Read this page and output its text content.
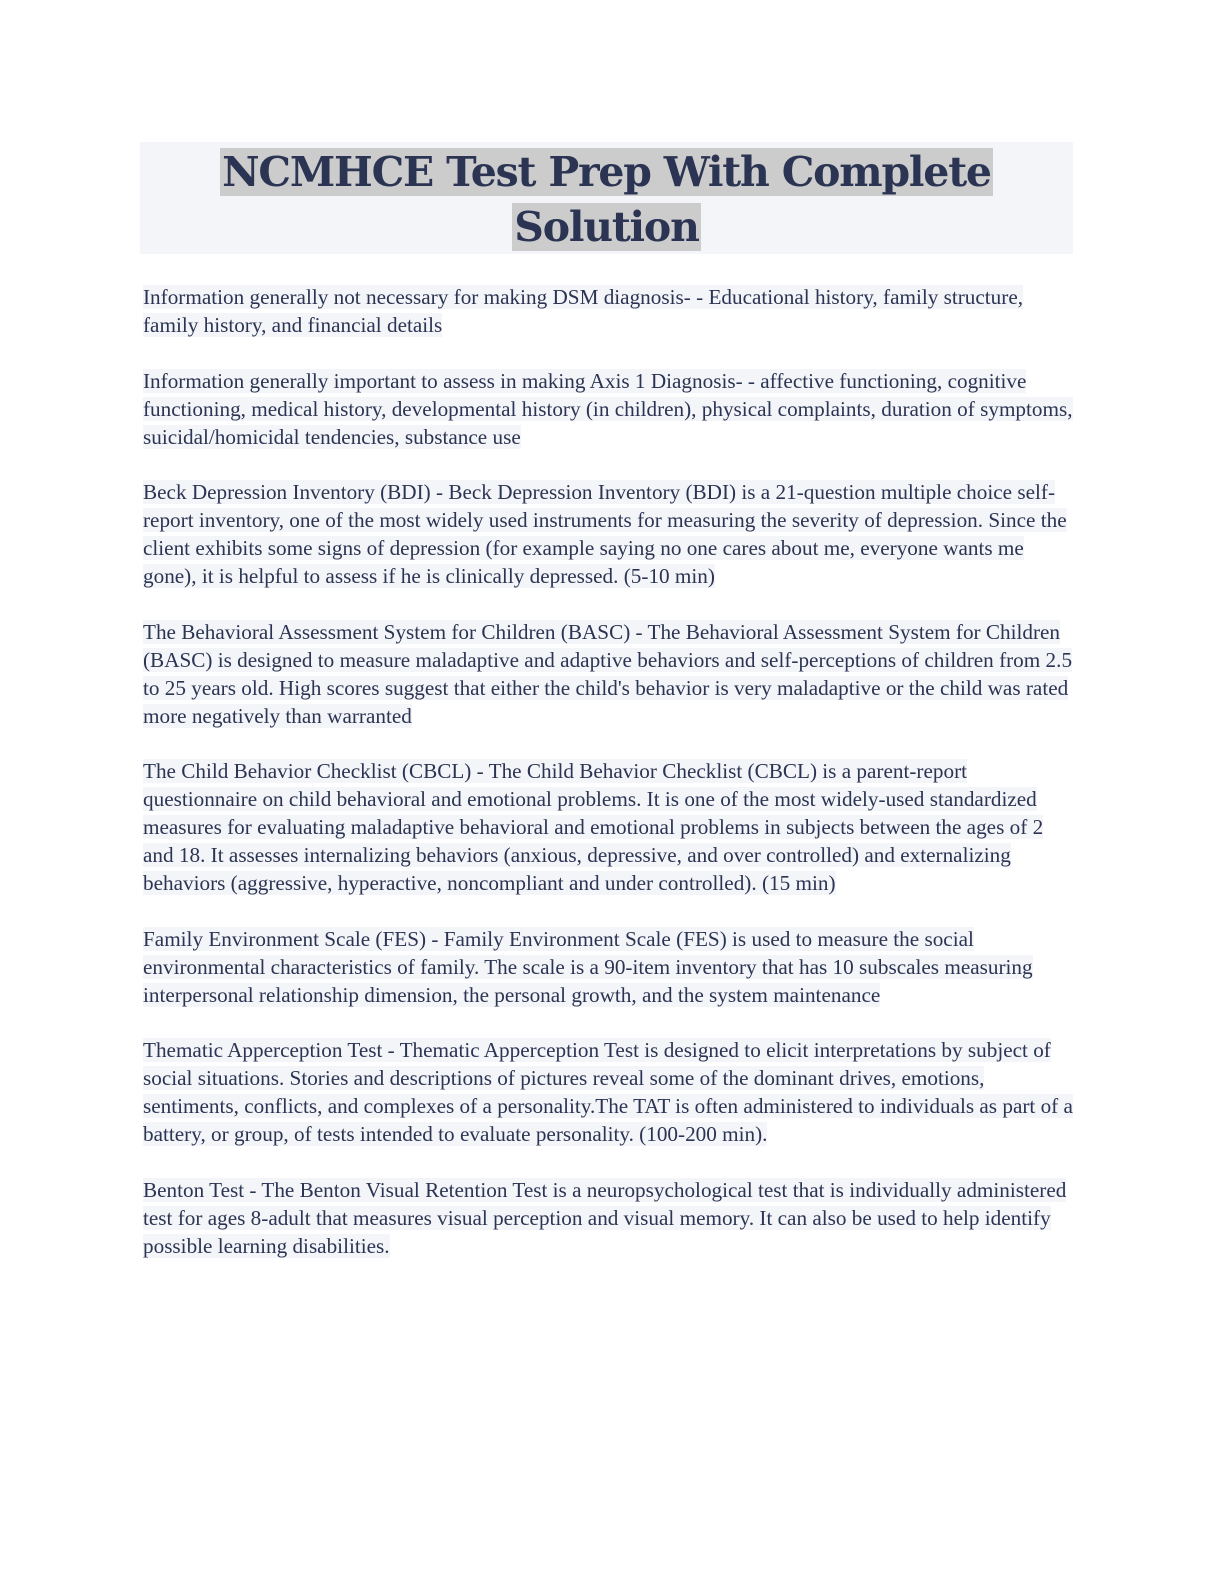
NCMHCE Test Prep With Complete
Solution

Information generally not necessary for making DSM diagnosis- - Educational history, family structure, family history, and financial details

Information generally important to assess in making Axis 1 Diagnosis- - affective functioning, cognitive functioning, medical history, developmental history (in children), physical complaints, duration of symptoms, suicidal/homicidal tendencies, substance use

Beck Depression Inventory (BDI) - Beck Depression Inventory (BDI) is a 21-question multiple choice self-report inventory, one of the most widely used instruments for measuring the severity of depression. Since the client exhibits some signs of depression (for example saying no one cares about me, everyone wants me gone), it is helpful to assess if he is clinically depressed. (5-10 min)

The Behavioral Assessment System for Children (BASC) - The Behavioral Assessment System for Children (BASC) is designed to measure maladaptive and adaptive behaviors and self-perceptions of children from 2.5 to 25 years old. High scores suggest that either the child's behavior is very maladaptive or the child was rated more negatively than warranted

The Child Behavior Checklist (CBCL) - The Child Behavior Checklist (CBCL) is a parent-report questionnaire on child behavioral and emotional problems. It is one of the most widely-used standardized measures for evaluating maladaptive behavioral and emotional problems in subjects between the ages of 2 and 18. It assesses internalizing behaviors (anxious, depressive, and over controlled) and externalizing behaviors (aggressive, hyperactive, noncompliant and under controlled). (15 min)

Family Environment Scale (FES) - Family Environment Scale (FES) is used to measure the social environmental characteristics of family. The scale is a 90-item inventory that has 10 subscales measuring interpersonal relationship dimension, the personal growth, and the system maintenance

Thematic Apperception Test - Thematic Apperception Test is designed to elicit interpretations by subject of social situations. Stories and descriptions of pictures reveal some of the dominant drives, emotions, sentiments, conflicts, and complexes of a personality.The TAT is often administered to individuals as part of a battery, or group, of tests intended to evaluate personality. (100-200 min).

Benton Test - The Benton Visual Retention Test is a neuropsychological test that is individually administered test for ages 8-adult that measures visual perception and visual memory. It can also be used to help identify possible learning disabilities.
